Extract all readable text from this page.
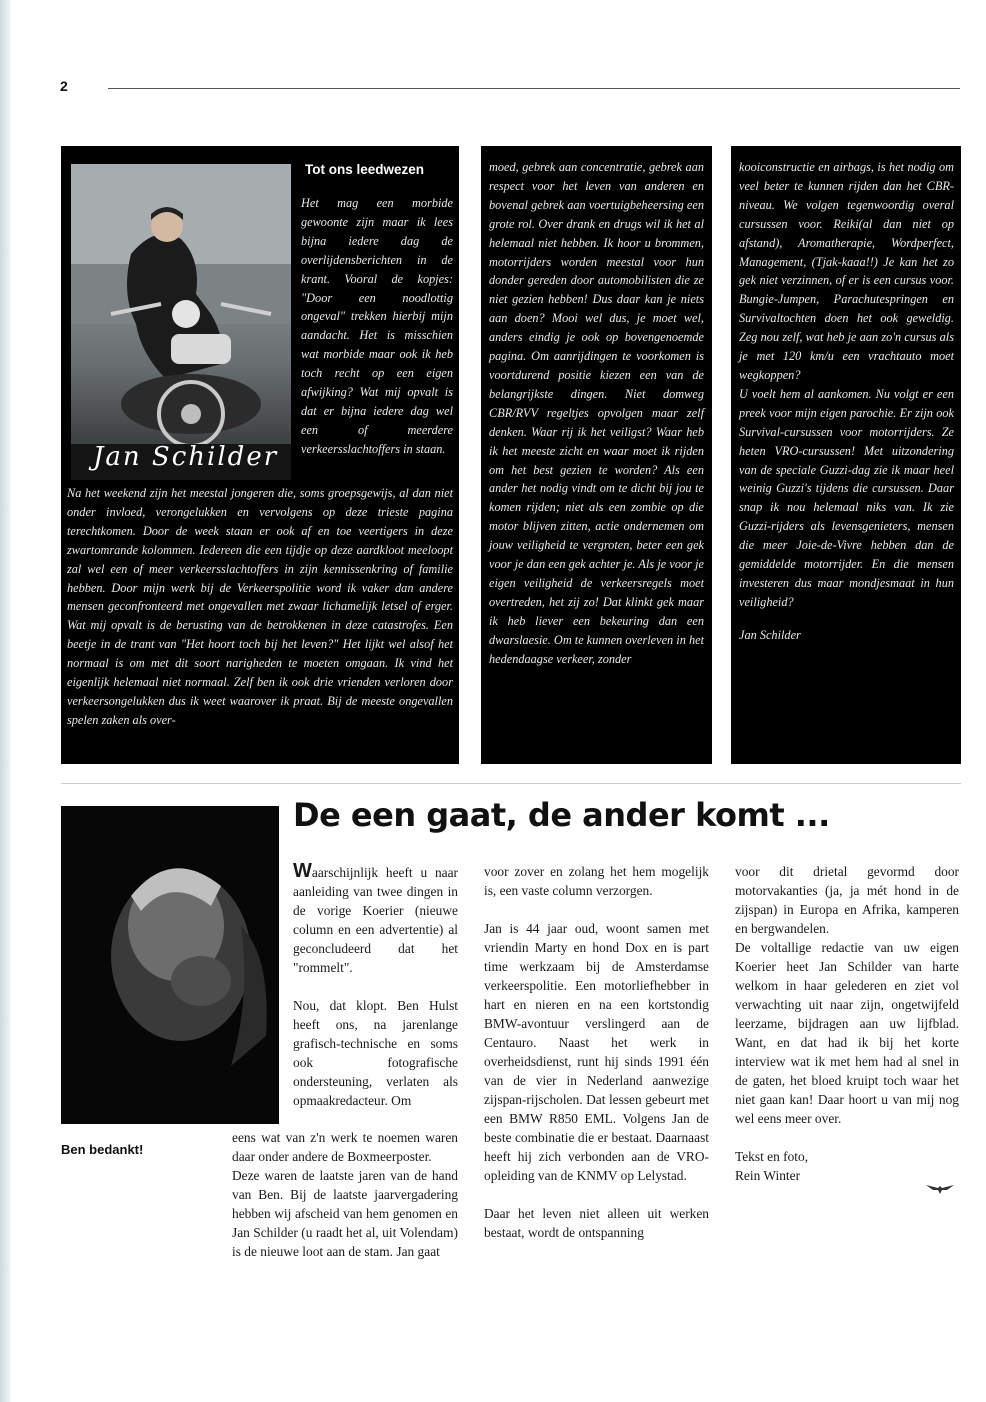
2
Jan Schilder
Tot ons leedwezen

Het mag een morbide gewoonte zijn maar ik lees bijna iedere dag de overlijdensberichten in de krant. Vooral de kopjes: "Door een noodlottig ongeval" trekken hierbij mijn aandacht. Het is misschien wat morbide maar ook ik heb toch recht op een eigen afwijking? Wat mij opvalt is dat er bijna iedere dag wel een of meerdere verkeersslachtoffers in staan.

Na het weekend zijn het meestal jongeren die, soms groepsgewijs, al dan niet onder invloed, verongelukken en vervolgens op deze trieste pagina terechtkomen. Door de week staan er ook af en toe veertigers in deze zwartomrande kolommen. Iedereen die een tijdje op deze aardkloot meeloopt zal wel een of meer verkeersslachtoffers in zijn kennissenkring of familie hebben. Door mijn werk bij de Verkeerspolitie word ik vaker dan andere mensen geconfronteerd met ongevallen met zwaar lichamelijk letsel of erger. Wat mij opvalt is de berusting van de betrokkenen in deze catastrofes. Een beetje in de trant van "Het hoort toch bij het leven?" Het lijkt wel alsof het normaal is om met dit soort narigheden te moeten omgaan. Ik vind het eigenlijk helemaal niet normaal. Zelf ben ik ook drie vrienden verloren door verkeersongelukken dus ik weet waarover ik praat. Bij de meeste ongevallen spelen zaken als over-

moed, gebrek aan concentratie, gebrek aan respect voor het leven van anderen en bovenal gebrek aan voertuigbeheersing een grote rol. Over drank en drugs wil ik het al helemaal niet hebben. Ik hoor u brommen, motorrijders worden meestal voor hun donder gereden door automobilisten die ze niet gezien hebben! Dus daar kan je niets aan doen? Mooi wel dus, je moet wel, anders eindig je ook op bovengenoemde pagina. Om aanrijdingen te voorkomen is voortdurend positie kiezen een van de belangrijkste dingen. Niet domweg CBR/RVV regeltjes opvolgen maar zelf denken. Waar rij ik het veiligst? Waar heb ik het meeste zicht en waar moet ik rijden om het best gezien te worden? Als een ander het nodig vindt om te dicht bij jou te komen rijden; niet als een zombie op die motor blijven zitten, actie ondernemen om jouw veiligheid te vergroten, beter een gek voor je dan een gek achter je. Als je voor je eigen veiligheid de verkeersregels moet overtreden, het zij zo! Dat klinkt gek maar ik heb liever een bekeuring dan een dwarslaesie. Om te kunnen overleven in het hedendaagse verkeer, zonder

kooiconstructie en airbags, is het nodig om veel beter te kunnen rijden dan het CBR-niveau. We volgen tegenwoordig overal cursussen voor. Reiki(al dan niet op afstand), Aromatherapie, Wordperfect, Management, (Tjak-kaaa!!) Je kan het zo gek niet verzinnen, of er is een cursus voor. Bungie-Jumpen, Parachutespringen en Survivaltochten doen het ook geweldig. Zeg nou zelf, wat heb je aan zo'n cursus als je met 120 km/u een vrachtauto moet wegkoppen?

U voelt hem al aankomen. Nu volgt er een preek voor mijn eigen parochie. Er zijn ook Survival-cursussen voor motorrijders. Ze heten VRO-cursussen! Met uitzondering van de speciale Guzzi-dag zie ik maar heel weinig Guzzi's tijdens die cursussen. Daar snap ik nou helemaal niks van. Ik zie Guzzi-rijders als levensgenieters, mensen die meer Joie-de-Vivre hebben dan de gemiddelde motorrijder. En die mensen investeren dus maar mondjesmaat in hun veiligheid?

Jan Schilder

Ben bedankt!
De een gaat, de ander komt ...

Waarschijnlijk heeft u naar aanleiding van twee dingen in de vorige Koerier (nieuwe column en een advertentie) al geconcludeerd dat het "rommelt".

Nou, dat klopt. Ben Hulst heeft ons, na jarenlange grafisch-technische en soms ook fotografische ondersteuning, verlaten als opmaakredacteur. Om

eens wat van z'n werk te noemen waren daar onder andere de Boxmeerposter.

Deze waren de laatste jaren van de hand van Ben. Bij de laatste jaarvergadering hebben wij afscheid van hem genomen en Jan Schilder (u raadt het al, uit Volendam) is de nieuwe loot aan de stam. Jan gaat

voor zover en zolang het hem mogelijk is, een vaste column verzorgen.

Jan is 44 jaar oud, woont samen met vriendin Marty en hond Dox en is part time werkzaam bij de Amsterdamse verkeerspolitie. Een motorliefhebber in hart en nieren en na een kortstondig BMW-avontuur verslingerd aan de Centauro. Naast het werk in overheidsdienst, runt hij sinds 1991 één van de vier in Nederland aanwezige zijspan-rijscholen. Dat lessen gebeurt met een BMW R850 EML. Volgens Jan de beste combinatie die er bestaat. Daarnaast heeft hij zich verbonden aan de VRO-opleiding van de KNMV op Lelystad.

Daar het leven niet alleen uit werken bestaat, wordt de ontspanning

voor dit drietal gevormd door motorvakanties (ja, ja mét hond in de zijspan) in Europa en Afrika, kamperen en bergwandelen.

De voltallige redactie van uw eigen Koerier heet Jan Schilder van harte welkom in haar gelederen en ziet vol verwachting uit naar zijn, ongetwijfeld leerzame, bijdragen aan uw lijfblad. Want, en dat had ik bij het korte interview wat ik met hem had al snel in de gaten, het bloed kruipt toch waar het niet gaan kan! Daar hoort u van mij nog wel eens meer over.

Tekst en foto,

Rein Winter
